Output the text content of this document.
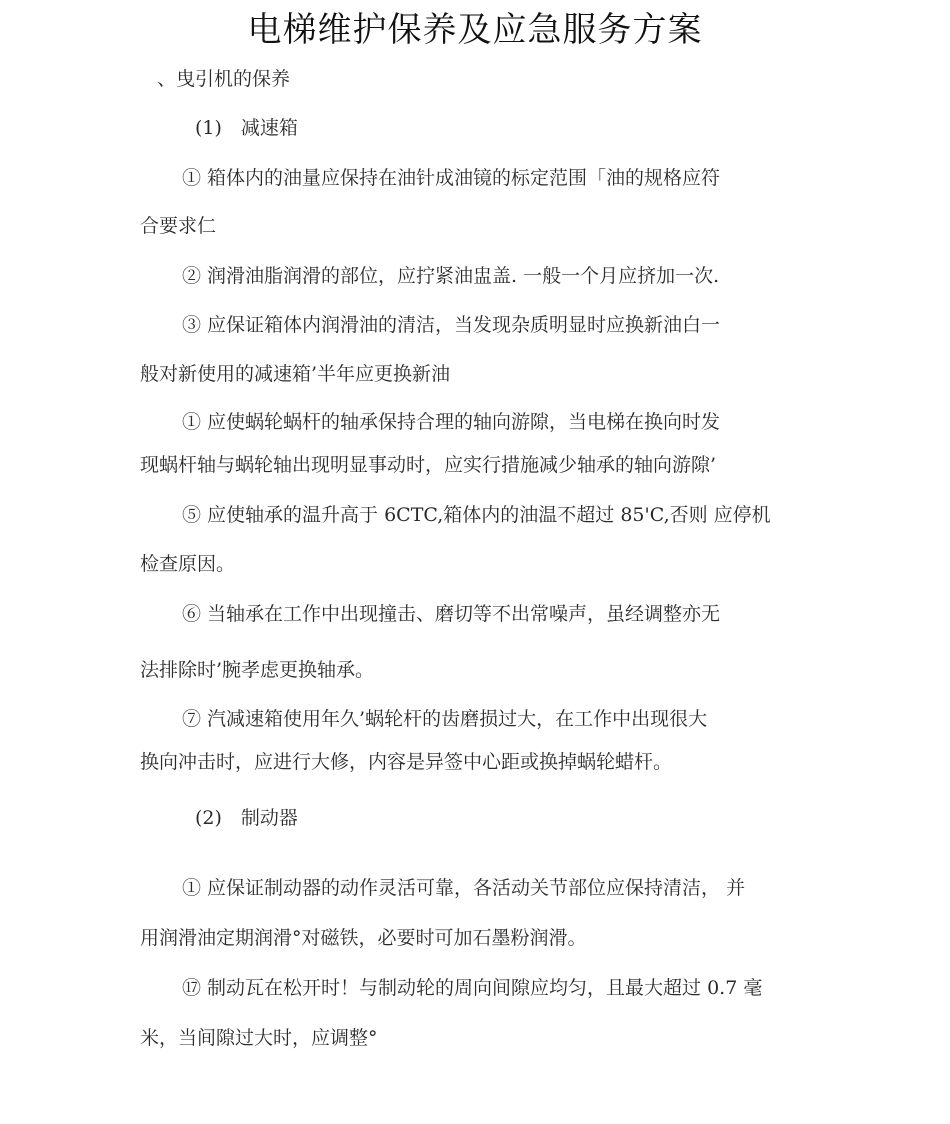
电梯维护保养及应急服务方案
、曳引机的保养
(1)　减速箱
① 箱体内的油量应保持在油针成油镜的标定范围「油的规格应符
合要求仁
② 润滑油脂润滑的部位，应拧紧油盅盖. 一般一个月应挤加一次.
③ 应保证箱体内润滑油的清洁，当发现杂质明显时应换新油白一
般对新使用的减速箱’半年应更换新油
① 应使蜗轮蜗杆的轴承保持合理的轴向游隙，当电梯在换向时发
现蜗杆轴与蜗轮轴出现明显事动时，应实行措施减少轴承的轴向游隙’
⑤ 应使轴承的温升高于 6CTC,箱体内的油温不超过 85'C,否则 应停机
检查原因。
⑥ 当轴承在工作中出现撞击、磨切等不出常噪声，虽经调整亦无
法排除时’腕孝虑更换轴承。
⑦ 汽减速箱使用年久’蜗轮杆的齿磨损过大，在工作中出现很大
换向冲击时，应进行大修，内容是异签中心距或换掉蜗轮蜡杆。
(2)　制动器
① 应保证制动器的动作灵活可靠，各活动关节部位应保持清洁， 并
用润滑油定期润滑°对磁铁，必要时可加石墨粉润滑。
⑰ 制动瓦在松开时！与制动轮的周向间隙应均匀，且最大超过 0.7 毫
米，当间隙过大时，应调整°
